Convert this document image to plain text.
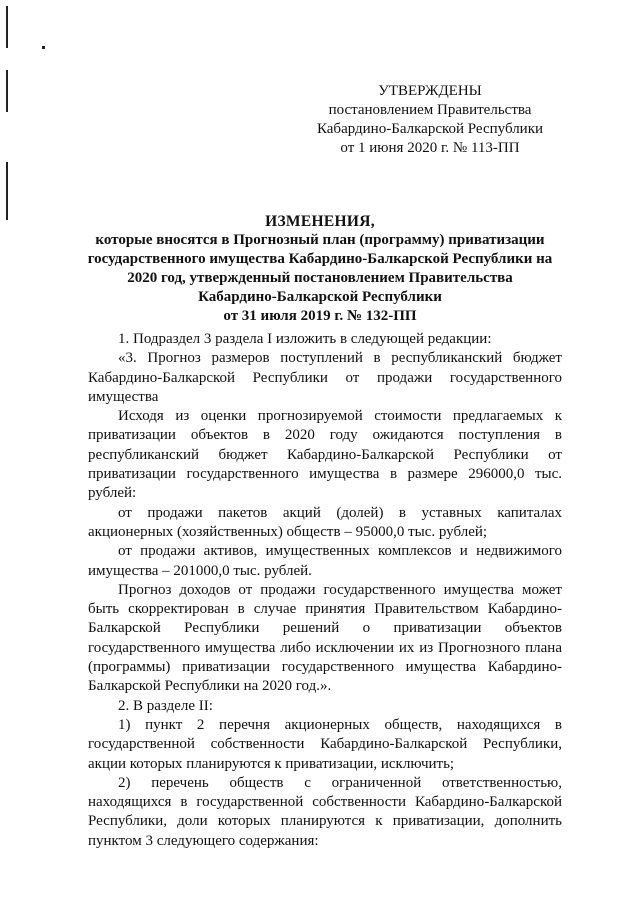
УТВЕРЖДЕНЫ
постановлением Правительства
Кабардино-Балкарской Республики
от 1 июня 2020 г. № 113-ПП
ИЗМЕНЕНИЯ,
которые вносятся в Прогнозный план (программу) приватизации
государственного имущества Кабардино-Балкарской Республики на
2020 год, утвержденный постановлением Правительства
Кабардино-Балкарской Республики
от 31 июля 2019 г. № 132-ПП

1. Подраздел 3 раздела I изложить в следующей редакции:

«3. Прогноз размеров поступлений в республиканский бюджет Кабардино-Балкарской Республики от продажи государственного имущества

Исходя из оценки прогнозируемой стоимости предлагаемых к приватизации объектов в 2020 году ожидаются поступления в республиканский бюджет Кабардино-Балкарской Республики от приватизации государственного имущества в размере 296000,0 тыс. рублей:

от продажи пакетов акций (долей) в уставных капиталах акционерных (хозяйственных) обществ – 95000,0 тыс. рублей;

от продажи активов, имущественных комплексов и недвижимого имущества – 201000,0 тыс. рублей.

Прогноз доходов от продажи государственного имущества может быть скорректирован в случае принятия Правительством Кабардино-Балкарской Республики решений о приватизации объектов государственного имущества либо исключении их из Прогнозного плана (программы) приватизации государственного имущества Кабардино-Балкарской Республики на 2020 год.».

2. В разделе II:

1) пункт 2 перечня акционерных обществ, находящихся в государственной собственности Кабардино-Балкарской Республики, акции которых планируются к приватизации, исключить;

2) перечень обществ с ограниченной ответственностью, находящихся в государственной собственности Кабардино-Балкарской Республики, доли которых планируются к приватизации, дополнить пунктом 3 следующего содержания:
